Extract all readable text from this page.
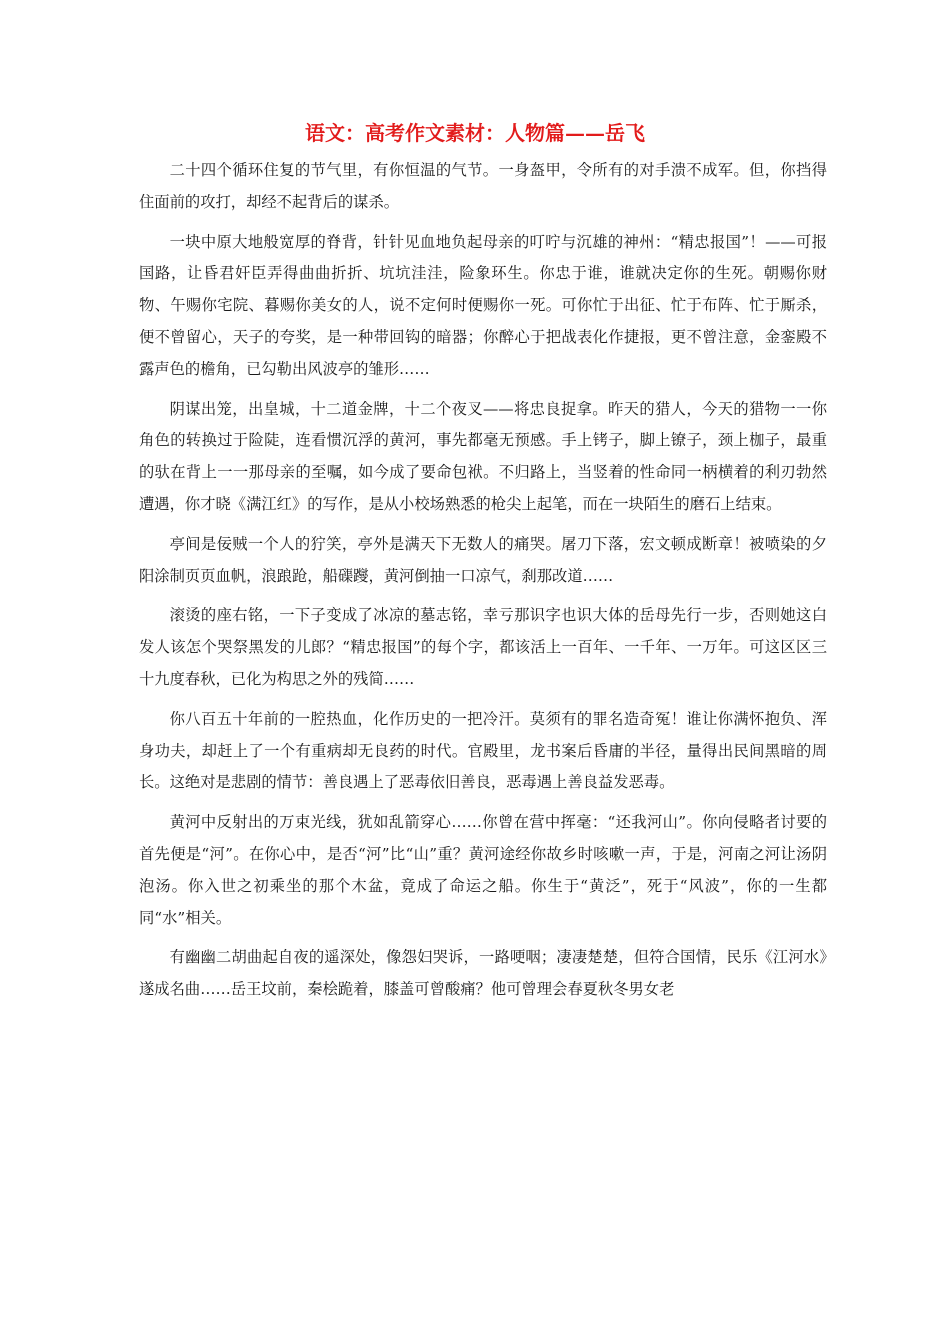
语文：高考作文素材：人物篇——岳飞

二十四个循环住复的节气里，有你恒温的气节。一身盔甲，令所有的对手溃不成军。但，你挡得住面前的攻打，却经不起背后的谋杀。

一块中原大地般宽厚的脊背，针针见血地负起母亲的叮咛与沉雄的神州：“精忠报国”！——可报国路，让昏君奸臣弄得曲曲折折、坑坑洼洼，险象环生。你忠于谁，谁就决定你的生死。朝赐你财物、午赐你宅院、暮赐你美女的人，说不定何时便赐你一死。可你忙于出征、忙于布阵、忙于厮杀，便不曾留心，天子的夸奖，是一种带回钩的暗器；你醉心于把战表化作捷报，更不曾注意，金銮殿不露声色的檐角，已勾勒出风波亭的雏形……

阴谋出笼，出皇城，十二道金牌，十二个夜叉——将忠良捉拿。昨天的猎人，今天的猎物一一你角色的转换过于险陡，连看惯沉浮的黄河，事先都毫无预感。手上铐子，脚上镣子，颈上枷子，最重的驮在背上一一那母亲的至嘱，如今成了要命包袱。不归路上，当竖着的性命同一柄横着的利刃勃然遭遇，你才晓《满江红》的写作，是从小校场熟悉的枪尖上起笔，而在一块陌生的磨石上结束。

亭间是佞贼一个人的狞笑，亭外是满天下无数人的痛哭。屠刀下落，宏文顿成断章！被喷染的夕阳涂制页页血帆，浪踉跄，船磲躞，黄河倒抽一口凉气，刹那改道……

滚烫的座右铭，一下子变成了冰凉的墓志铭，幸亏那识字也识大体的岳母先行一步，否则她这白发人该怎个哭祭黑发的儿郎？“精忠报国”的每个字，都该活上一百年、一千年、一万年。可这区区三十九度春秋，已化为构思之外的残简……

你八百五十年前的一腔热血，化作历史的一把冷汗。莫须有的罪名造奇冤！谁让你满怀抱负、浑身功夫，却赶上了一个有重病却无良药的时代。官殿里，龙书案后昏庸的半径，量得出民间黑暗的周长。这绝对是悲剧的情节：善良遇上了恶毒依旧善良，恶毒遇上善良益发恶毒。

黄河中反射出的万束光线，犹如乱箭穿心……你曾在营中挥毫：“还我河山”。你向侵略者讨要的首先便是“河”。在你心中，是否“河”比“山”重？黄河途经你故乡时咳嗽一声，于是，河南之河让汤阴泡汤。你入世之初乘坐的那个木盆，竟成了命运之船。你生于“黄泛”，死于“风波”，你的一生都同“水”相关。

有幽幽二胡曲起自夜的遥深处，像怨妇哭诉，一路哽咽；凄凄楚楚，但符合国情，民乐《江河水》遂成名曲……岳王坟前，秦桧跪着，膝盖可曾酸痛？他可曾理会春夏秋冬男女老
